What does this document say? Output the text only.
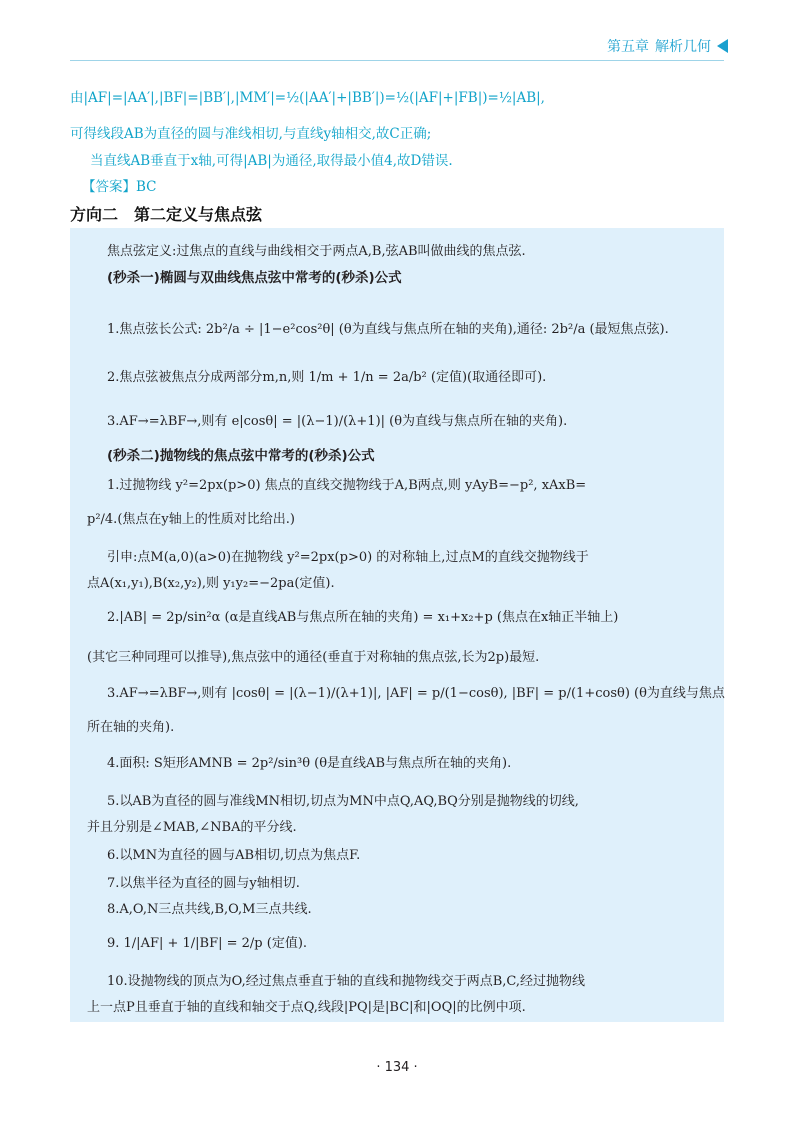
第五章 解析几何
由|AF|=|AA′|,|BF|=|BB′|,|MM′|=½(|AA′|+|BB′|)=½(|AF|+|FB|)=½|AB|,
可得线段AB为直径的圆与准线相切,与直线y轴相交,故C正确;
当直线AB垂直于x轴,可得|AB|为通径,取得最小值4,故D错误.
【答案】BC
方向二　第二定义与焦点弦
焦点弦定义:过焦点的直线与曲线相交于两点A,B,弦AB叫做曲线的焦点弦.
(秒杀一)椭圆与双曲线焦点弦中常考的(秒杀)公式
1.焦点弦长公式: 2b²/a ÷ |1−e²cos²θ| (θ为直线与焦点所在轴的夹角),通径: 2b²/a (最短焦点弦).
2.焦点弦被焦点分成两部分m,n,则 1/m + 1/n = 2a/b² (定值)(取通径即可).
3.AF→=λBF→,则有 e|cosθ| = |(λ−1)/(λ+1)| (θ为直线与焦点所在轴的夹角).
(秒杀二)抛物线的焦点弦中常考的(秒杀)公式
1.过抛物线 y²=2px(p>0) 焦点的直线交抛物线于A,B两点,则 yAyB=−p², xAxB=
p²/4.(焦点在y轴上的性质对比给出.)
引申:点M(a,0)(a>0)在抛物线 y²=2px(p>0) 的对称轴上,过点M的直线交抛物线于
点A(x₁,y₁),B(x₂,y₂),则 y₁y₂=−2pa(定值).
2.|AB| = 2p/sin²α (α是直线AB与焦点所在轴的夹角) = x₁+x₂+p (焦点在x轴正半轴上)
(其它三种同理可以推导),焦点弦中的通径(垂直于对称轴的焦点弦,长为2p)最短.
3.AF→=λBF→,则有 |cosθ| = |(λ−1)/(λ+1)|, |AF| = p/(1−cosθ), |BF| = p/(1+cosθ) (θ为直线与焦点
所在轴的夹角).
4.面积: S矩形AMNB = 2p²/sin³θ (θ是直线AB与焦点所在轴的夹角).
5.以AB为直径的圆与准线MN相切,切点为MN中点Q,AQ,BQ分别是抛物线的切线,
并且分别是∠MAB,∠NBA的平分线.
6.以MN为直径的圆与AB相切,切点为焦点F.
7.以焦半径为直径的圆与y轴相切.
8.A,O,N三点共线,B,O,M三点共线.
9. 1/|AF| + 1/|BF| = 2/p (定值).
10.设抛物线的顶点为O,经过焦点垂直于轴的直线和抛物线交于两点B,C,经过抛物线
上一点P且垂直于轴的直线和轴交于点Q,线段|PQ|是|BC|和|OQ|的比例中项.
· 134 ·
